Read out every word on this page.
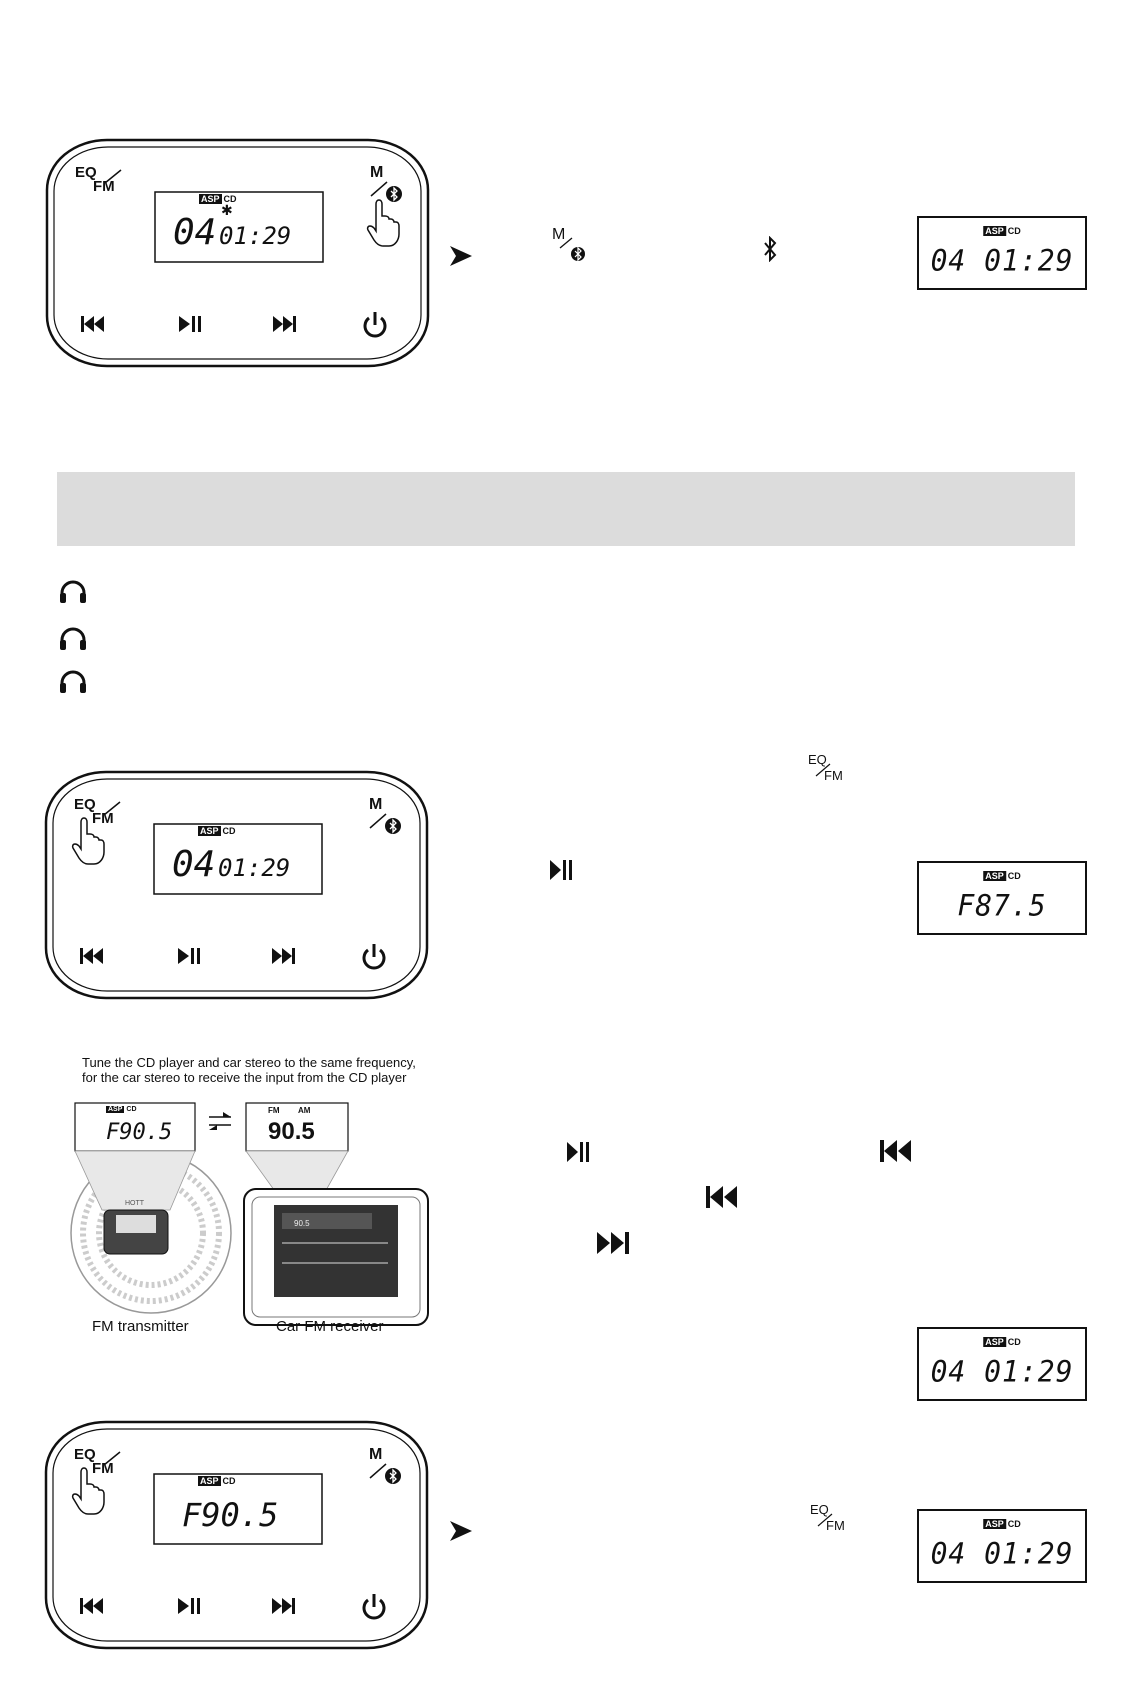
EQ
FM
M
ASP CD
✱
04 01:29	M	ASP CD
04 01:29
EQ
FM
M
ASP CD
04 01:29
EQ
FM
ASP CD
F87.5
Tune the CD player and car stereo to the same frequency,
for the car stereo to receive the input from the CD player
ASP CD
F90.5
FM AM
90.5
HOTT
90.5
FM transmitter	Car FM receiver
ASP CD
04 01:29
EQ
FM
M
ASP CD
F90.5	EQ
FM	ASP CD
04 01:29
